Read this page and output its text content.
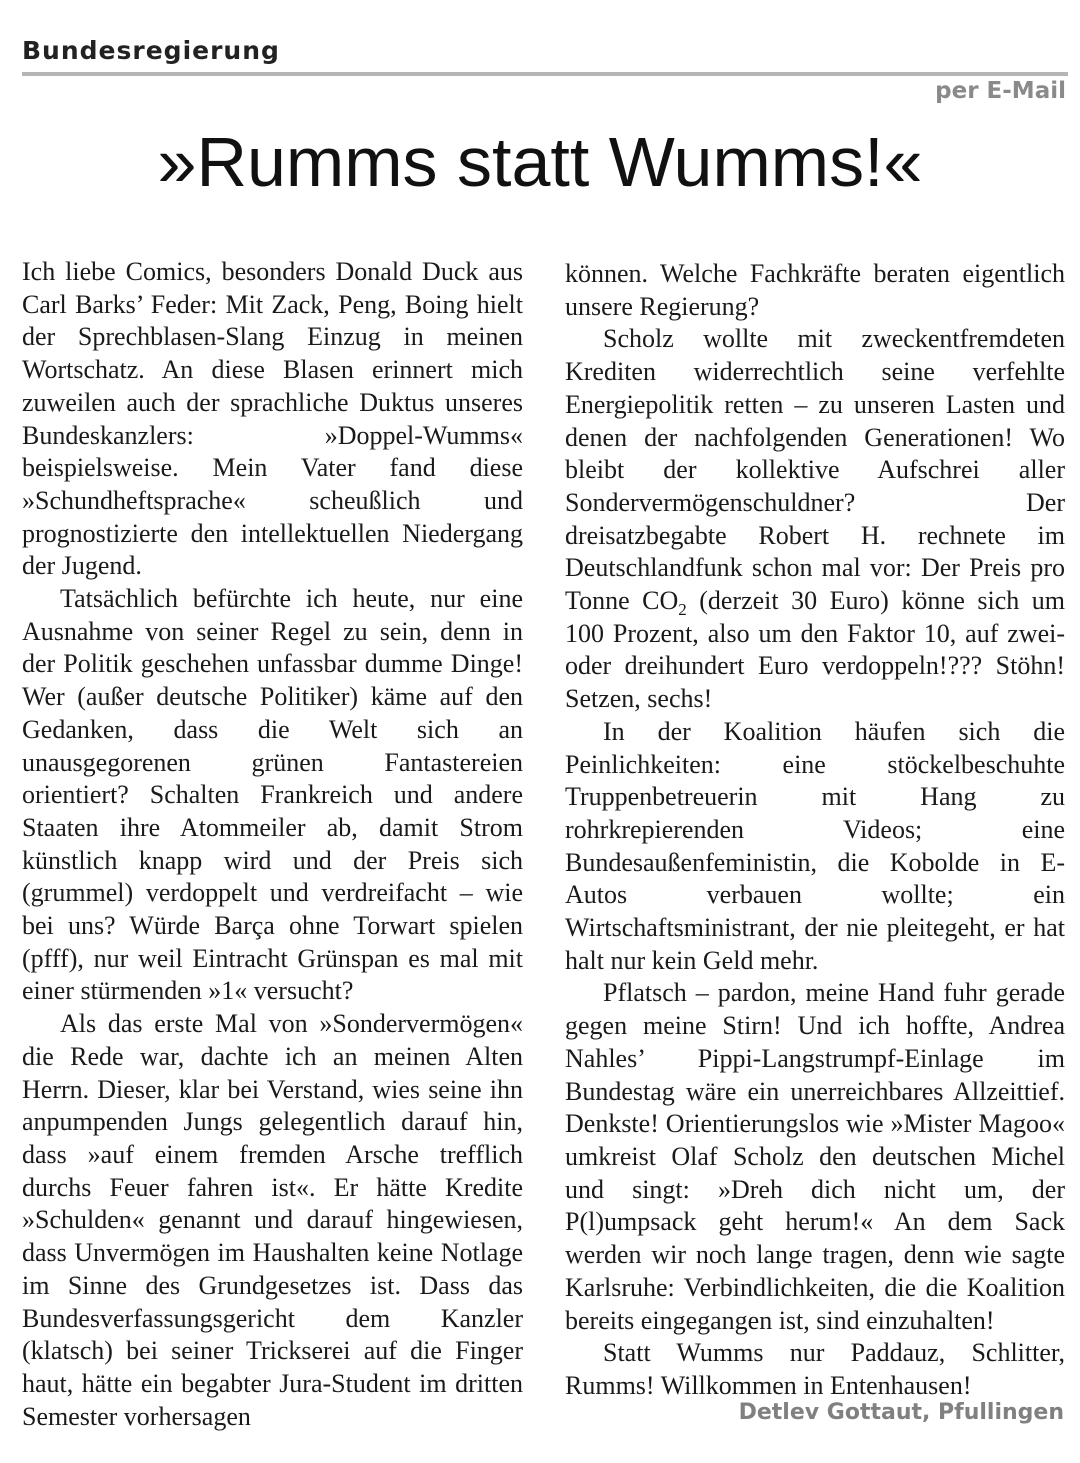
Bundesregierung
per E-Mail
»Rumms statt Wumms!«

Ich liebe Comics, besonders Donald Duck aus Carl Barks’ Feder: Mit Zack, Peng, Boing hielt der Sprechblasen-Slang Einzug in meinen Wortschatz. An diese Blasen erinnert mich zuweilen auch der sprachliche Duktus unseres Bundeskanzlers: »Doppel-Wumms« beispielsweise. Mein Vater fand diese »Schundheftsprache« scheußlich und prognostizierte den intellektuellen Niedergang der Jugend.

Tatsächlich befürchte ich heute, nur eine Ausnahme von seiner Regel zu sein, denn in der Politik geschehen unfassbar dumme Dinge! Wer (außer deutsche Politiker) käme auf den Gedanken, dass die Welt sich an unausgegorenen grünen Fantastereien orientiert? Schalten Frankreich und andere Staaten ihre Atommeiler ab, damit Strom künstlich knapp wird und der Preis sich (grummel) verdoppelt und verdreifacht – wie bei uns? Würde Barça ohne Torwart spielen (pfff), nur weil Eintracht Grünspan es mal mit einer stürmenden »1« versucht?

Als das erste Mal von »Sondervermögen« die Rede war, dachte ich an meinen Alten Herrn. Dieser, klar bei Verstand, wies seine ihn anpumpenden Jungs gelegentlich darauf hin, dass »auf einem fremden Arsche trefflich durchs Feuer fahren ist«. Er hätte Kredite »Schulden« genannt und darauf hingewiesen, dass Unvermögen im Haushalten keine Notlage im Sinne des Grundgesetzes ist. Dass das Bundesverfassungsgericht dem Kanzler (klatsch) bei seiner Trickserei auf die Finger haut, hätte ein begabter Jura-Student im dritten Semester vorhersagen

können. Welche Fachkräfte beraten eigentlich unsere Regierung?

Scholz wollte mit zweckentfremdeten Krediten widerrechtlich seine verfehlte Energiepolitik retten – zu unseren Lasten und denen der nachfolgenden Generationen! Wo bleibt der kollektive Aufschrei aller Sondervermögenschuldner? Der dreisatzbegabte Robert H. rechnete im Deutschlandfunk schon mal vor: Der Preis pro Tonne $CO_2$ (derzeit 30 Euro) könne sich um 100 Prozent, also um den Faktor 10, auf zwei- oder dreihundert Euro verdoppeln!??? Stöhn! Setzen, sechs!

In der Koalition häufen sich die Peinlichkeiten: eine stöckelbeschuhte Truppenbetreuerin mit Hang zu rohrkrepierenden Videos; eine Bundesaußenfeministin, die Kobolde in E-Autos verbauen wollte; ein Wirtschaftsministrant, der nie pleitegeht, er hat halt nur kein Geld mehr.

Pflatsch – pardon, meine Hand fuhr gerade gegen meine Stirn! Und ich hoffte, Andrea Nahles’ Pippi-Langstrumpf-Einlage im Bundestag wäre ein unerreichbares Allzeittief. Denkste! Orientierungslos wie »Mister Magoo« umkreist Olaf Scholz den deutschen Michel und singt: »Dreh dich nicht um, der P(l)umpsack geht herum!« An dem Sack werden wir noch lange tragen, denn wie sagte Karlsruhe: Verbindlichkeiten, die die Koalition bereits eingegangen ist, sind einzuhalten!

Statt Wumms nur Paddauz, Schlitter, Rumms! Willkommen in Entenhausen!

Detlev Gottaut, Pfullingen
